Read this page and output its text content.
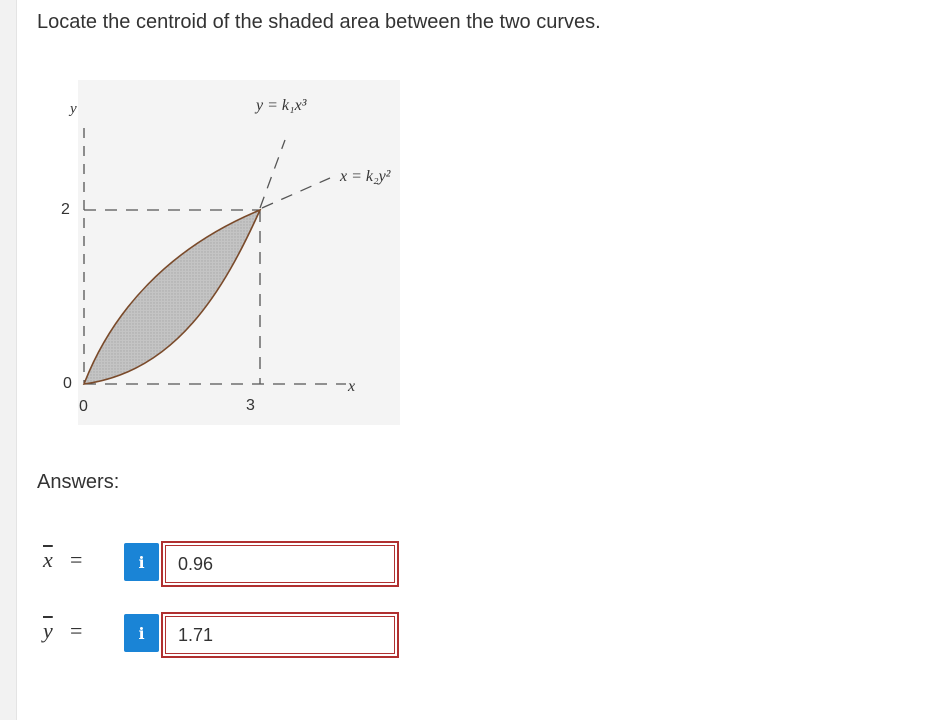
Locate the centroid of the shaded area between the two curves.
y
2
0
0	3
x
y = k₁x³
x = k₂y²
Answers:
$\overline{x}$ =	i
0.96
$\overline{y}$ =	i
1.71
